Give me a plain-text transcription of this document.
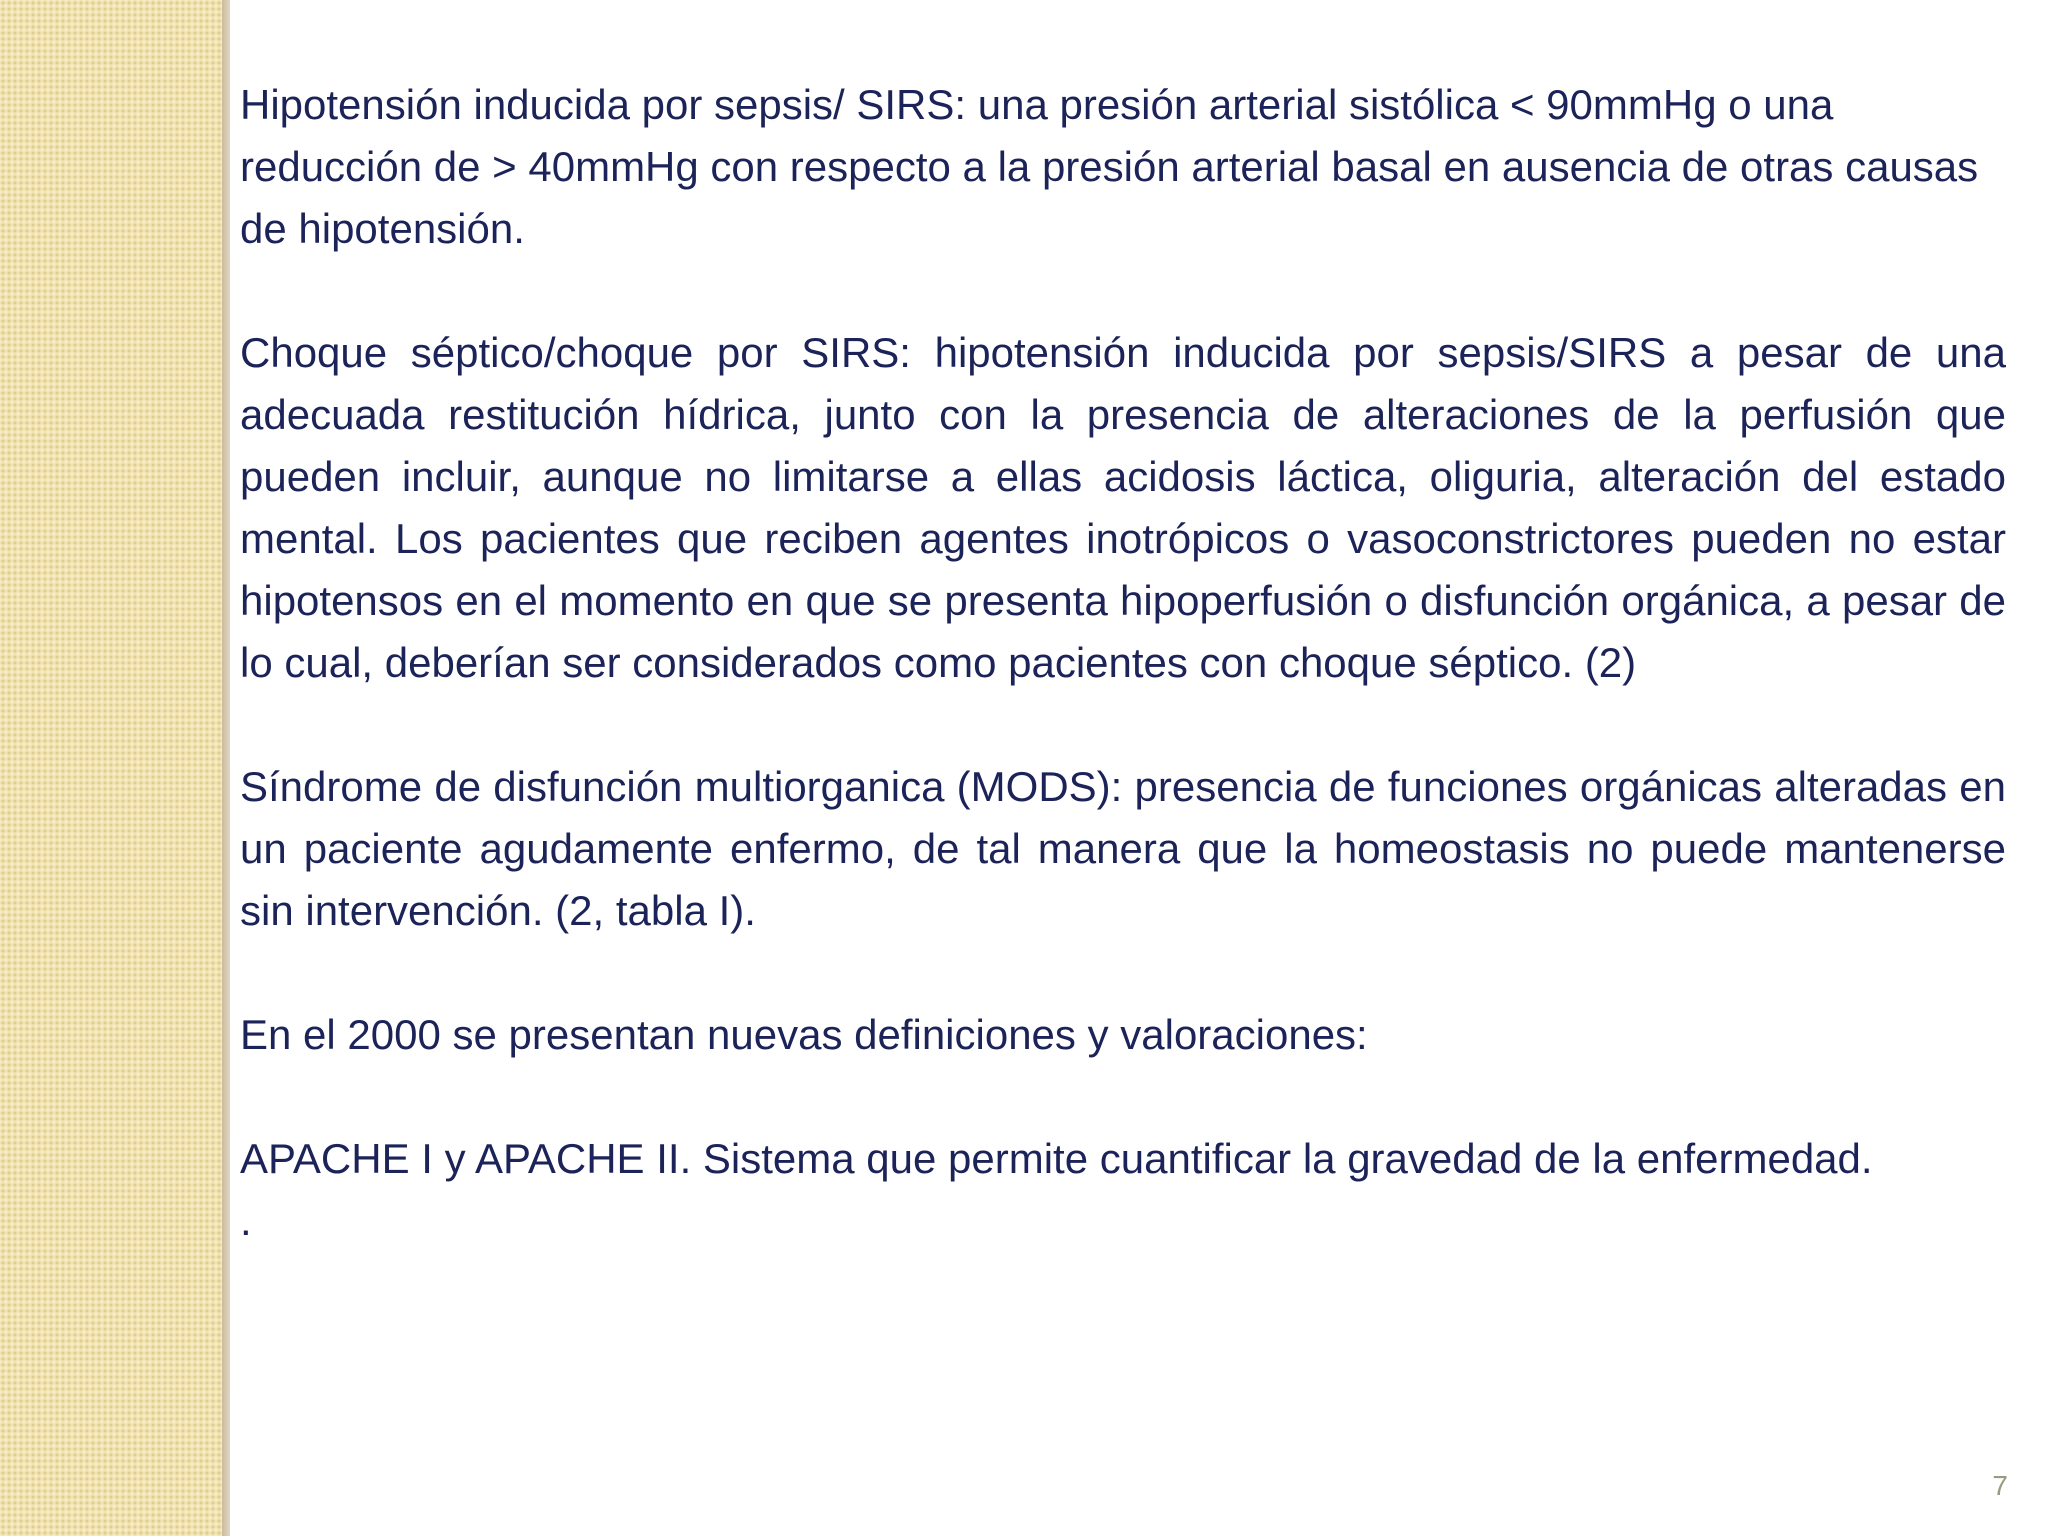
Hipotensión inducida por sepsis/ SIRS: una presión arterial sistólica < 90mmHg o una reducción de > 40mmHg con respecto a la presión arterial basal en ausencia de otras causas de hipotensión.

Choque séptico/choque por SIRS: hipotensión inducida por sepsis/SIRS a pesar de una adecuada restitución hídrica, junto con la presencia de alteraciones de la perfusión que pueden incluir, aunque no limitarse a ellas acidosis láctica, oliguria, alteración del estado mental. Los pacientes que reciben agentes inotrópicos o vasoconstrictores pueden no estar hipotensos en el momento en que se presenta hipoperfusión o disfunción orgánica, a pesar de lo cual, deberían ser considerados como pacientes con choque séptico. (2)

Síndrome de disfunción multiorganica (MODS): presencia de funciones orgánicas alteradas en un paciente agudamente enfermo, de tal manera que la homeostasis no puede mantenerse sin intervención. (2, tabla I).

En el 2000 se presentan nuevas definiciones y valoraciones:

APACHE I y APACHE II. Sistema que permite cuantificar la gravedad de la enfermedad.

.

7
